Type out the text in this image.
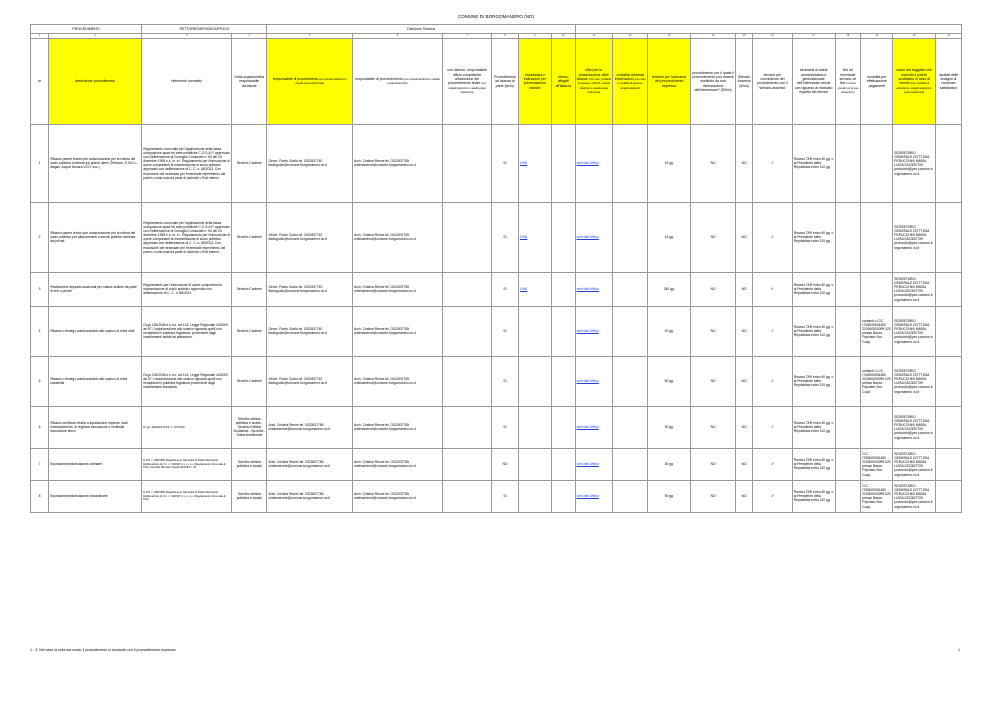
COMUNE DI BORGOMANERO (NO)
PROCEDIMENTI		SETTORE/SERVIZIO/UFFICIO		Divisione Tecnica																
1	2	3	4	5	6	7	8	9	10	11	12	13	14	15	16	17	18	19	20	21
nr	descrizione procedimento	riferimenti normativi	Unità organizzativa responsabile istruttoria	responsabile di procedimento (con recapiti telefonici e casella posta elettronica)	responsabile di provvedimento (con recapiti telefonici e casella posta elettronica)	ove diverso, responsabile ufficio competente all'adozione del provvedimento finale (con recapiti telefonici e casella posta elettronica)	Procedimento ad istanza di parte (si/no)	modulistica e indicazioni per presentazione istanze	elenco allegati all'istanza	uffici per la presentazione delle istanze (con orari, modalità di accesso, indirizzi, recapiti telefonici e casella posta elettronica)	modalità richiesta informazioni (con orari e modalità di accesso, recapiti telefonici)	termine per l'adozione del provvedimento espresso	procedimento per il quale il provvedimento può essere sostituito da una dichiarazione dell'interessato? (SI/No)	Silenzio Assenso (si/no)	termine per conclusione del procedimento con il "silenzio-assenso"	strumenti di tutela amministrativa e giurisdizionale dell'interessato anche con riguardo al mancato rispetto dei termini	link ad eventuale servizio on line (o tempi previsti per la sua attivazione)	modalità per effettuazione pagamenti	nome del soggetto che esercita il potere sostitutivo in caso di inerzia (con modalità di attivazione, recapiti telefonici e posta elettronica)	risultati delle indagini di customer satisfaction
1	Rilascio parere tecnici per autorizzazione per la rottura del suolo pubblico richiesta dai grandi utenti (Telecom, E.N.E.L., Italgas, Acqua Novara-VCO, ecc.)	Regolamento comunale per l'applicazione della tassa occupazione spazi ed aree pubbliche C.O.S.A.P. approvato con Deliberazione di Consiglio Comunale n. 54 del 04 dicembre 1998 e s. m. e i. Regolamento per l'esecuzione di opere comportanti la manomissione di suolo pubblico approvato con deliberazione di C. C. n. 88/2013. Con esclusione dei necessari per l'eventuale reperimento dei pareri o nulla osta da parte di Aziende o Enti esterni.	Servizio Cantiere	Geom. Flavio Godio tel. 0322837740 flaviogodio@comune.borgomanero.no.it	Arch. Cristina Renne tel. 0322837765 cristinarenne@comune.borgomanero.no.it		SI	LINK		vedi dati Ufficio		15 gg.	NO	NO	//	Ricorso TAR entro 60 gg. o al Presidente della Repubblica entro 120 gg.			SEGRETARIO GENERALE DOTT.SSA PERUCCHINI MARIA LUISA 0322837709 protocollo@pec.comune.borgomanero.no.it	
2	Rilascio parere tecnici per autorizzazione per la rottura del suolo pubblico per allacciamenti a servizi pubblici richiesta dai privati	Regolamento comunale per l'applicazione della tassa occupazione spazi ed aree pubbliche C.O.S.A.P. approvato con Deliberazione di Consiglio Comunale n. 54 del 04 dicembre 1998 e s. m. e i. Regolamento per l'esecuzione di opere comportanti la manomissione di suolo pubblico approvato con deliberazione di C. C. n. 88/2013. Con esclusione dei necessari per l'eventuale reperimento dei pareri o nulla osta da parte di Aziende o Enti esterni.	Servizio Cantiere	Geom. Flavio Godio tel. 0322837740 flaviogodio@comune.borgomanero.no.it	Arch. Cristina Renne tel. 0322837765 cristinarenne@comune.borgomanero.no.it		SI	LINK		vedi dati Ufficio		15 gg.	NO	NO	//	Ricorso TAR entro 60 gg. o al Presidente della Repubblica entro 120 gg.			SEGRETARIO GENERALE DOTT.SSA PERUCCHINI MARIA LUISA 0322837709 protocollo@pec.comune.borgomanero.no.it	
3	Restituzione depositi cauzionali per rottura sedime da parte di enti o privati	Regolamento per l'esecuzione di opere comportanti la manomissione di suolo pubblico approvato con deliberazione di C. C. n. 88/2013	Servizio Cantiere	Geom. Flavio Godio tel. 0322837740 flaviogodio@comune.borgomanero.no.it	Arch. Cristina Renne tel. 0322837765 cristinarenne@comune.borgomanero.no.it		SI	LINK		vedi dati Ufficio		240 gg.	NO	NO	//	Ricorso TAR entro 60 gg. o al Presidente della Repubblica entro 120 gg.			SEGRETARIO GENERALE DOTT.SSA PERUCCHINI MARIA LUISA 0322837709 protocollo@pec.comune.borgomanero.no.it	
4	Rilascio o diniego autorizzazione allo scarico di reflui civili	DLgs 152/2006 e s.m.i. art 124, Legge Regionale 44/2000 art 57 L'autorizzazione allo scarico riguarda quelli non recapitanti in pubblica fognatura; provenienti dagli insediamenti adibiti ad abitazione.	Servizio Cantiere	Geom. Flavio Godio tel. 0322837740 flaviogodio@comune.borgomanero.no.it	Arch. Cristina Renne tel. 0322837765 cristinarenne@comune.borgomanero.no.it		SI			vedi dati Ufficio		20 gg.	NO	NO	//	Ricorso TAR entro 60 gg. o al Presidente della Repubblica entro 120 gg.		contanti o C/C IT46D05034450 220000000099 020 presso Banco Popolare Soc. Coop.	SEGRETARIO GENERALE DOTT.SSA PERUCCHINI MARIA LUISA 0322837709 protocollo@pec.comune.borgomanero.no.it	
5	Rilascio o diniego autorizzazione allo scarico di reflui industriali	DLgs 152/2006 e s.m.i. art 124, Legge Regionale 44/2000 art 57 L'autorizzazione allo scarico riguarda quelli non recapitanti in pubblica fognatura provenienti dagli insediamenti industriali.	Servizio Cantiere	Geom. Flavio Godio tel. 0322837740 flaviogodio@comune.borgomanero.no.it	Arch. Cristina Renne tel. 0322837765 cristinarenne@comune.borgomanero.no.it		SI			vedi dati Ufficio		60 gg.	NO	NO	//	Ricorso TAR entro 60 gg. o al Presidente della Repubblica entro 120 gg.		contanti o C/C IT46D05034450 220000000099 020 presso Banco Popolare Soc. Coop.	SEGRETARIO GENERALE DOTT.SSA PERUCCHINI MARIA LUISA 0322837709 protocollo@pec.comune.borgomanero.no.it	
6	Rilascio certificati relativi a liquidazione imprese, stati d'avanzamento, di regolare esecuzione e certificati esecuzione lavori	D. lgs. 163/2006 D.P.R. n. 207/2010	Servizio edilizia pubblica e strade - Servizio Edilizia Scolastica - Sportiva - Tutela Ambientale	Arch. Cristina Renne tel. 0322837765 cristinarenne@comune.borgomanero.no.it	Arch. Cristina Renne tel. 0322837765 cristinarenne@comune.borgomanero.no.it		SI			vedi dati Ufficio		30 gg.	NO	NO	//	Ricorso TAR entro 60 gg. o al Presidente della Repubblica entro 120 gg.			SEGRETARIO GENERALE DOTT.SSA PERUCCHINI MARIA LUISA 0322837709 protocollo@pec.comune.borgomanero.no.it	
7	Esumazioni/estumulazioni ordinarie	D.P.R. n. 285/1990 (Regolamento Nazionale di Polizia Mortuaria) Deliberazione di C.C. n. 30/1997 e s. m. e i. (Regolamento Comunale di P.M.) Circolare Ministero Sanità 24/1993 n. 10	Servizio edilizia pubblica e strade	Arch. Cristina Renne tel. 0322837765 cristinarenne@comune.borgomanero.no.it	Arch. Cristina Renne tel. 0322837765 cristinarenne@comune.borgomanero.no.it		NO			vedi dati Ufficio		30 gg.	NO	NO	//	Ricorso TAR entro 60 gg. o al Presidente della Repubblica entro 120 gg.		C/C IT46D05034450 220000000099 020 presso Banco Popolare Soc. Coop.	SEGRETARIO GENERALE DOTT.SSA PERUCCHINI MARIA LUISA 0322837709 protocollo@pec.comune.borgomanero.no.it	
8	Esumazioni/estumulazioni straordinarie	D.P.R. n. 285/1990 (Regolamento Nazionale di Polizia Mortuaria) Deliberazione di C.C. n. 30/1997 e s. m. e i. (Regolamento Comunale di P.M.)	Servizio edilizia pubblica e strade	Arch. Cristina Renne tel. 0322837765 cristinarenne@comune.borgomanero.no.it	Arch. Cristina Renne tel. 0322837765 cristinarenne@comune.borgomanero.no.it		SI			vedi dati Ufficio		90 gg.	NO	NO	//	Ricorso TAR entro 60 gg. o al Presidente della Repubblica entro 120 gg.		C/C IT46D05034450 220000000099 020 presso Banco Popolare Soc. Coop.	SEGRETARIO GENERALE DOTT.SSA PERUCCHINI MARIA LUISA 0322837709 protocollo@pec.comune.borgomanero.no.it	
1 - 2: Nel caso la cella sia vuota, il procedimento si conclude con il provvedimento espresso	1
